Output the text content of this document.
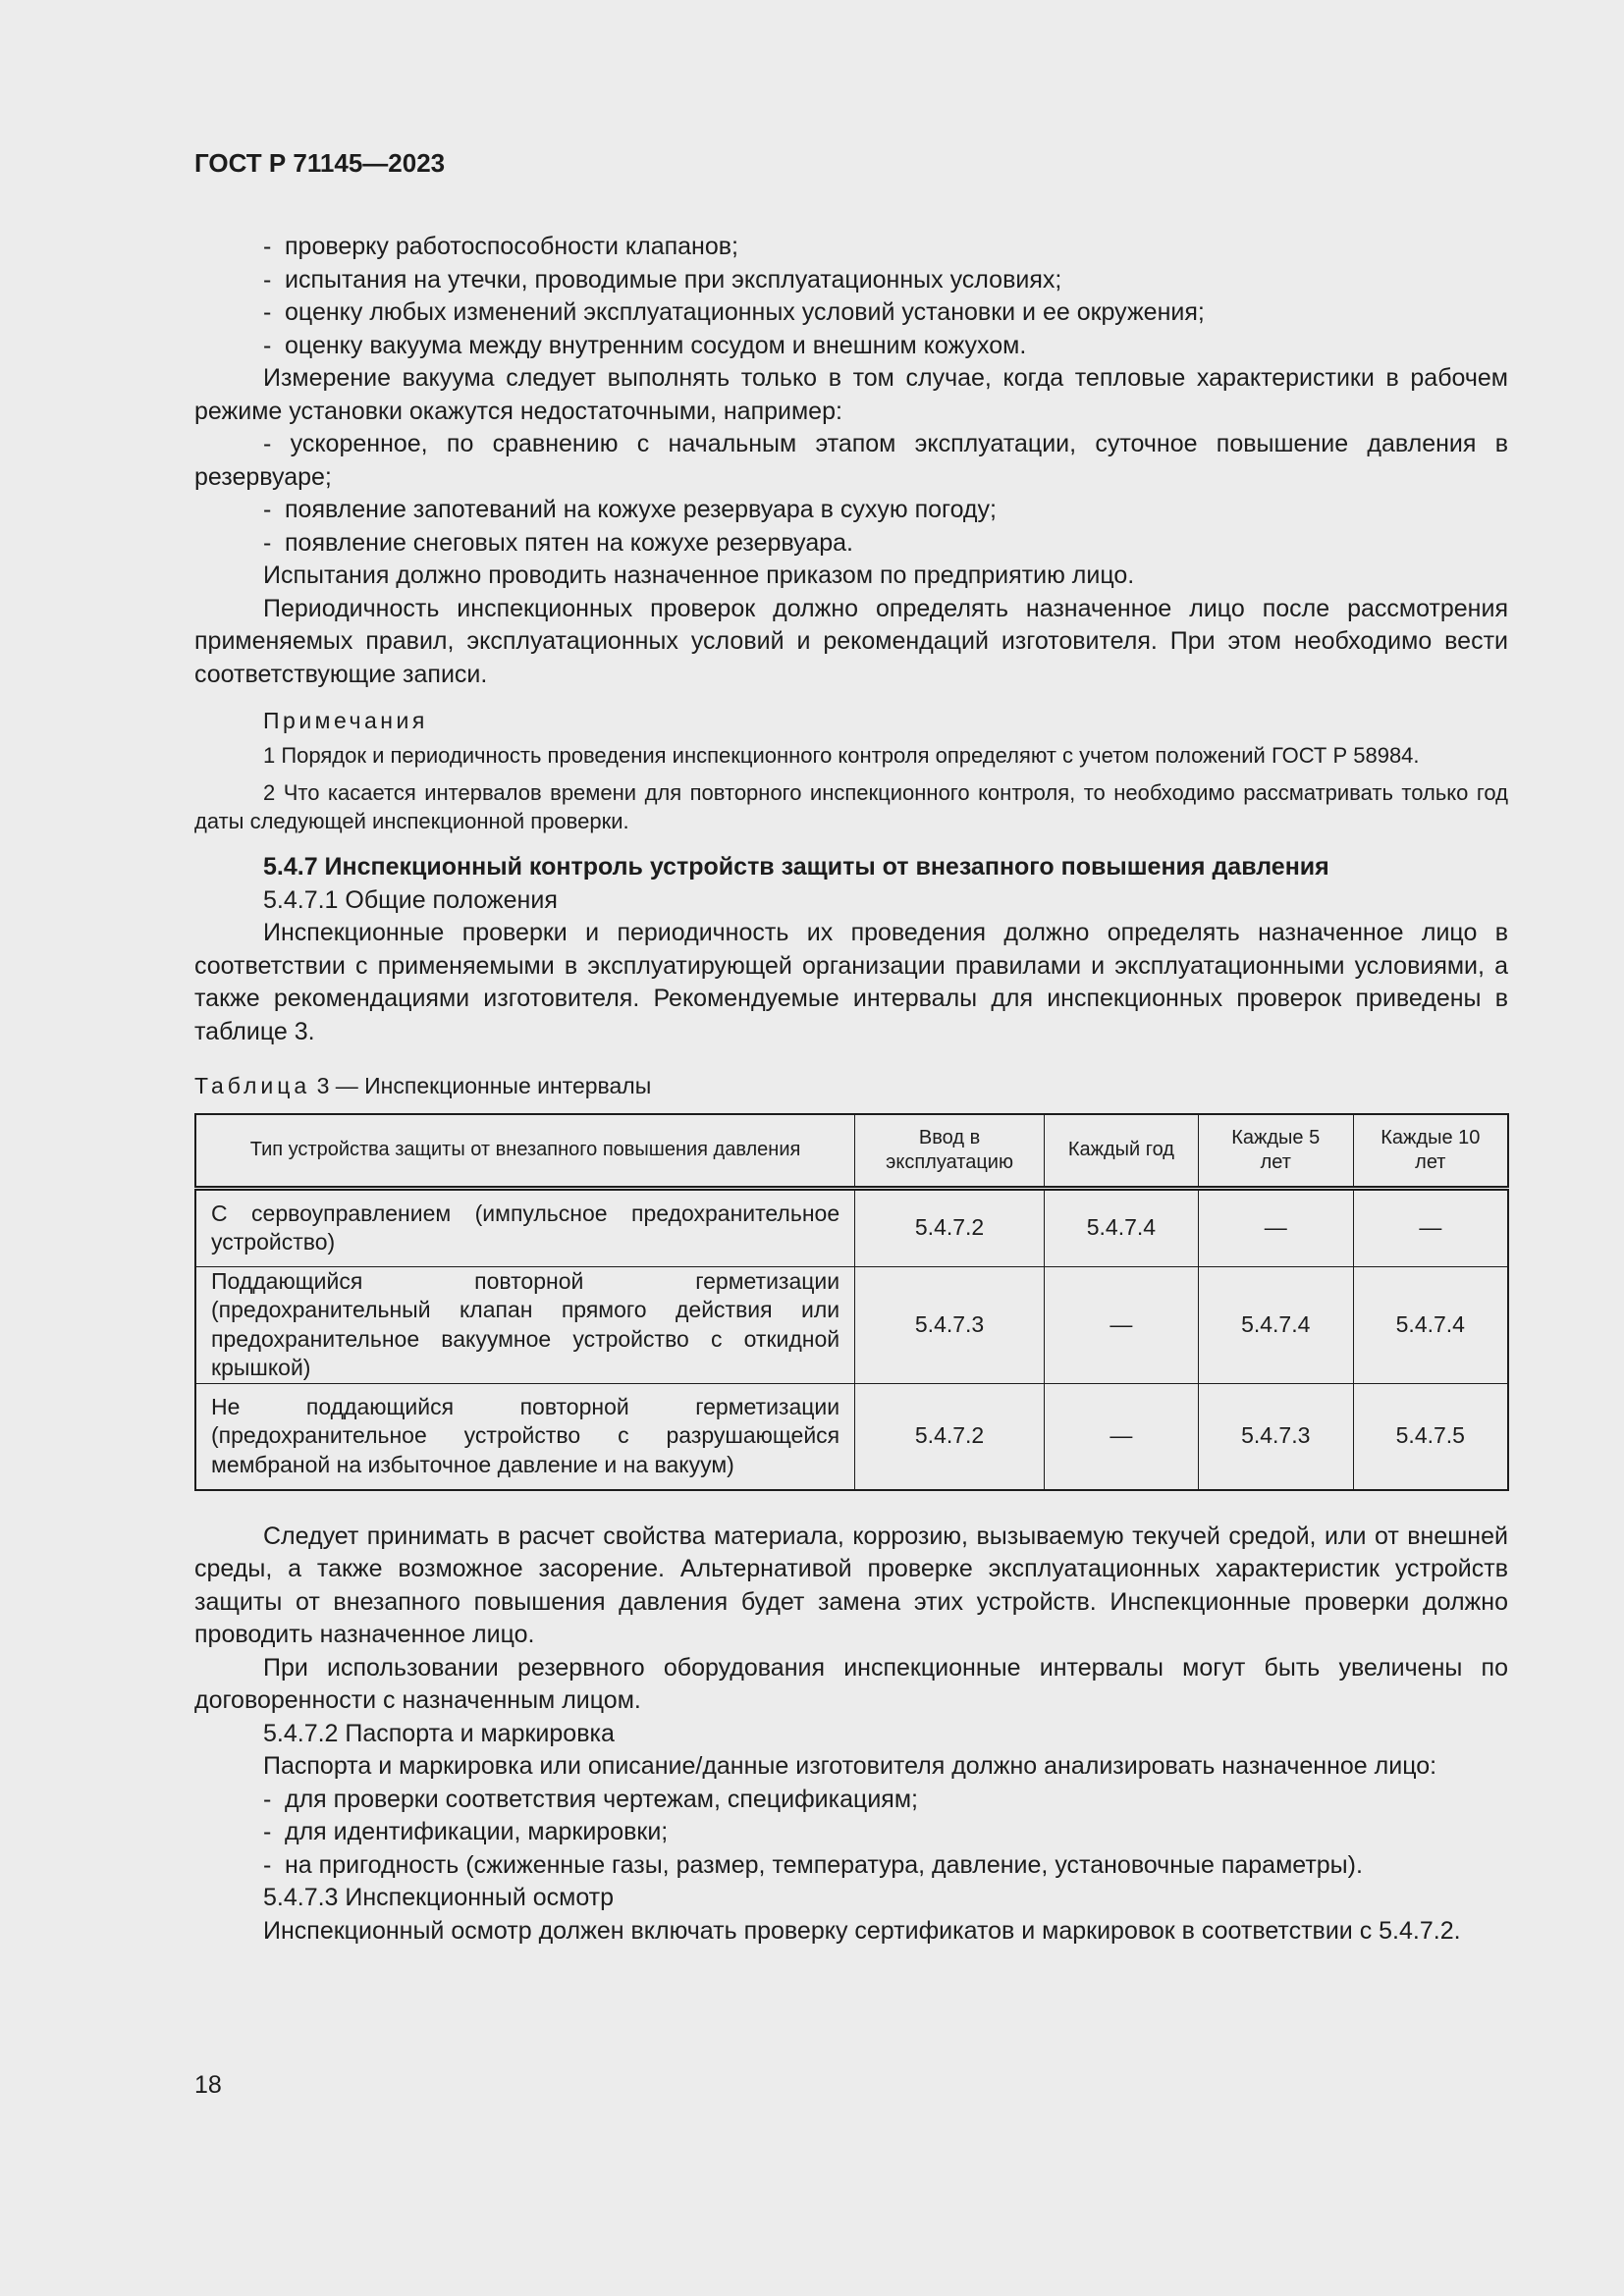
ГОСТ Р 71145—2023
- проверку работоспособности клапанов;
- испытания на утечки, проводимые при эксплуатационных условиях;
- оценку любых изменений эксплуатационных условий установки и ее окружения;
- оценку вакуума между внутренним сосудом и внешним кожухом.

Измерение вакуума следует выполнять только в том случае, когда тепловые характеристики в рабочем режиме установки окажутся недостаточными, например:

- ускоренное, по сравнению с начальным этапом эксплуатации, суточное повышение давления в резервуаре;
- появление запотеваний на кожухе резервуара в сухую погоду;
- появление снеговых пятен на кожухе резервуара.

Испытания должно проводить назначенное приказом по предприятию лицо.

Периодичность инспекционных проверок должно определять назначенное лицо после рассмотрения применяемых правил, эксплуатационных условий и рекомендаций изготовителя. При этом необходимо вести соответствующие записи.

Примечания

1 Порядок и периодичность проведения инспекционного контроля определяют с учетом положений ГОСТ Р 58984.

2 Что касается интервалов времени для повторного инспекционного контроля, то необходимо рассматривать только год даты следующей инспекционной проверки.

5.4.7 Инспекционный контроль устройств защиты от внезапного повышения давления
5.4.7.1 Общие положения

Инспекционные проверки и периодичность их проведения должно определять назначенное лицо в соответствии с применяемыми в эксплуатирующей организации правилами и эксплуатационными условиями, а также рекомендациями изготовителя. Рекомендуемые интервалы для инспекционных проверок приведены в таблице 3.

Таблица 3 — Инспекционные интервалы
Тип устройства защиты от внезапного повышения давления	Ввод в эксплуатацию	Каждый год	Каждые 5 лет	Каждые 10 лет
С сервоуправлением (импульсное предохранительное устройство)	5.4.7.2	5.4.7.4	—	—
Поддающийся повторной герметизации (предохранительный клапан прямого действия или предохранительное вакуумное устройство с откидной крышкой)	5.4.7.3	—	5.4.7.4	5.4.7.4
Не поддающийся повторной герметизации (предохранительное устройство с разрушающейся мембраной на избыточное давление и на вакуум)	5.4.7.2	—	5.4.7.3	5.4.7.5

Следует принимать в расчет свойства материала, коррозию, вызываемую текучей средой, или от внешней среды, а также возможное засорение. Альтернативой проверке эксплуатационных характеристик устройств защиты от внезапного повышения давления будет замена этих устройств. Инспекционные проверки должно проводить назначенное лицо.

При использовании резервного оборудования инспекционные интервалы могут быть увеличены по договоренности с назначенным лицом.

5.4.7.2 Паспорта и маркировка

Паспорта и маркировка или описание/данные изготовителя должно анализировать назначенное лицо:

- для проверки соответствия чертежам, спецификациям;
- для идентификации, маркировки;
- на пригодность (сжиженные газы, размер, температура, давление, установочные параметры).
5.4.7.3 Инспекционный осмотр

Инспекционный осмотр должен включать проверку сертификатов и маркировок в соответствии с 5.4.7.2.

18
